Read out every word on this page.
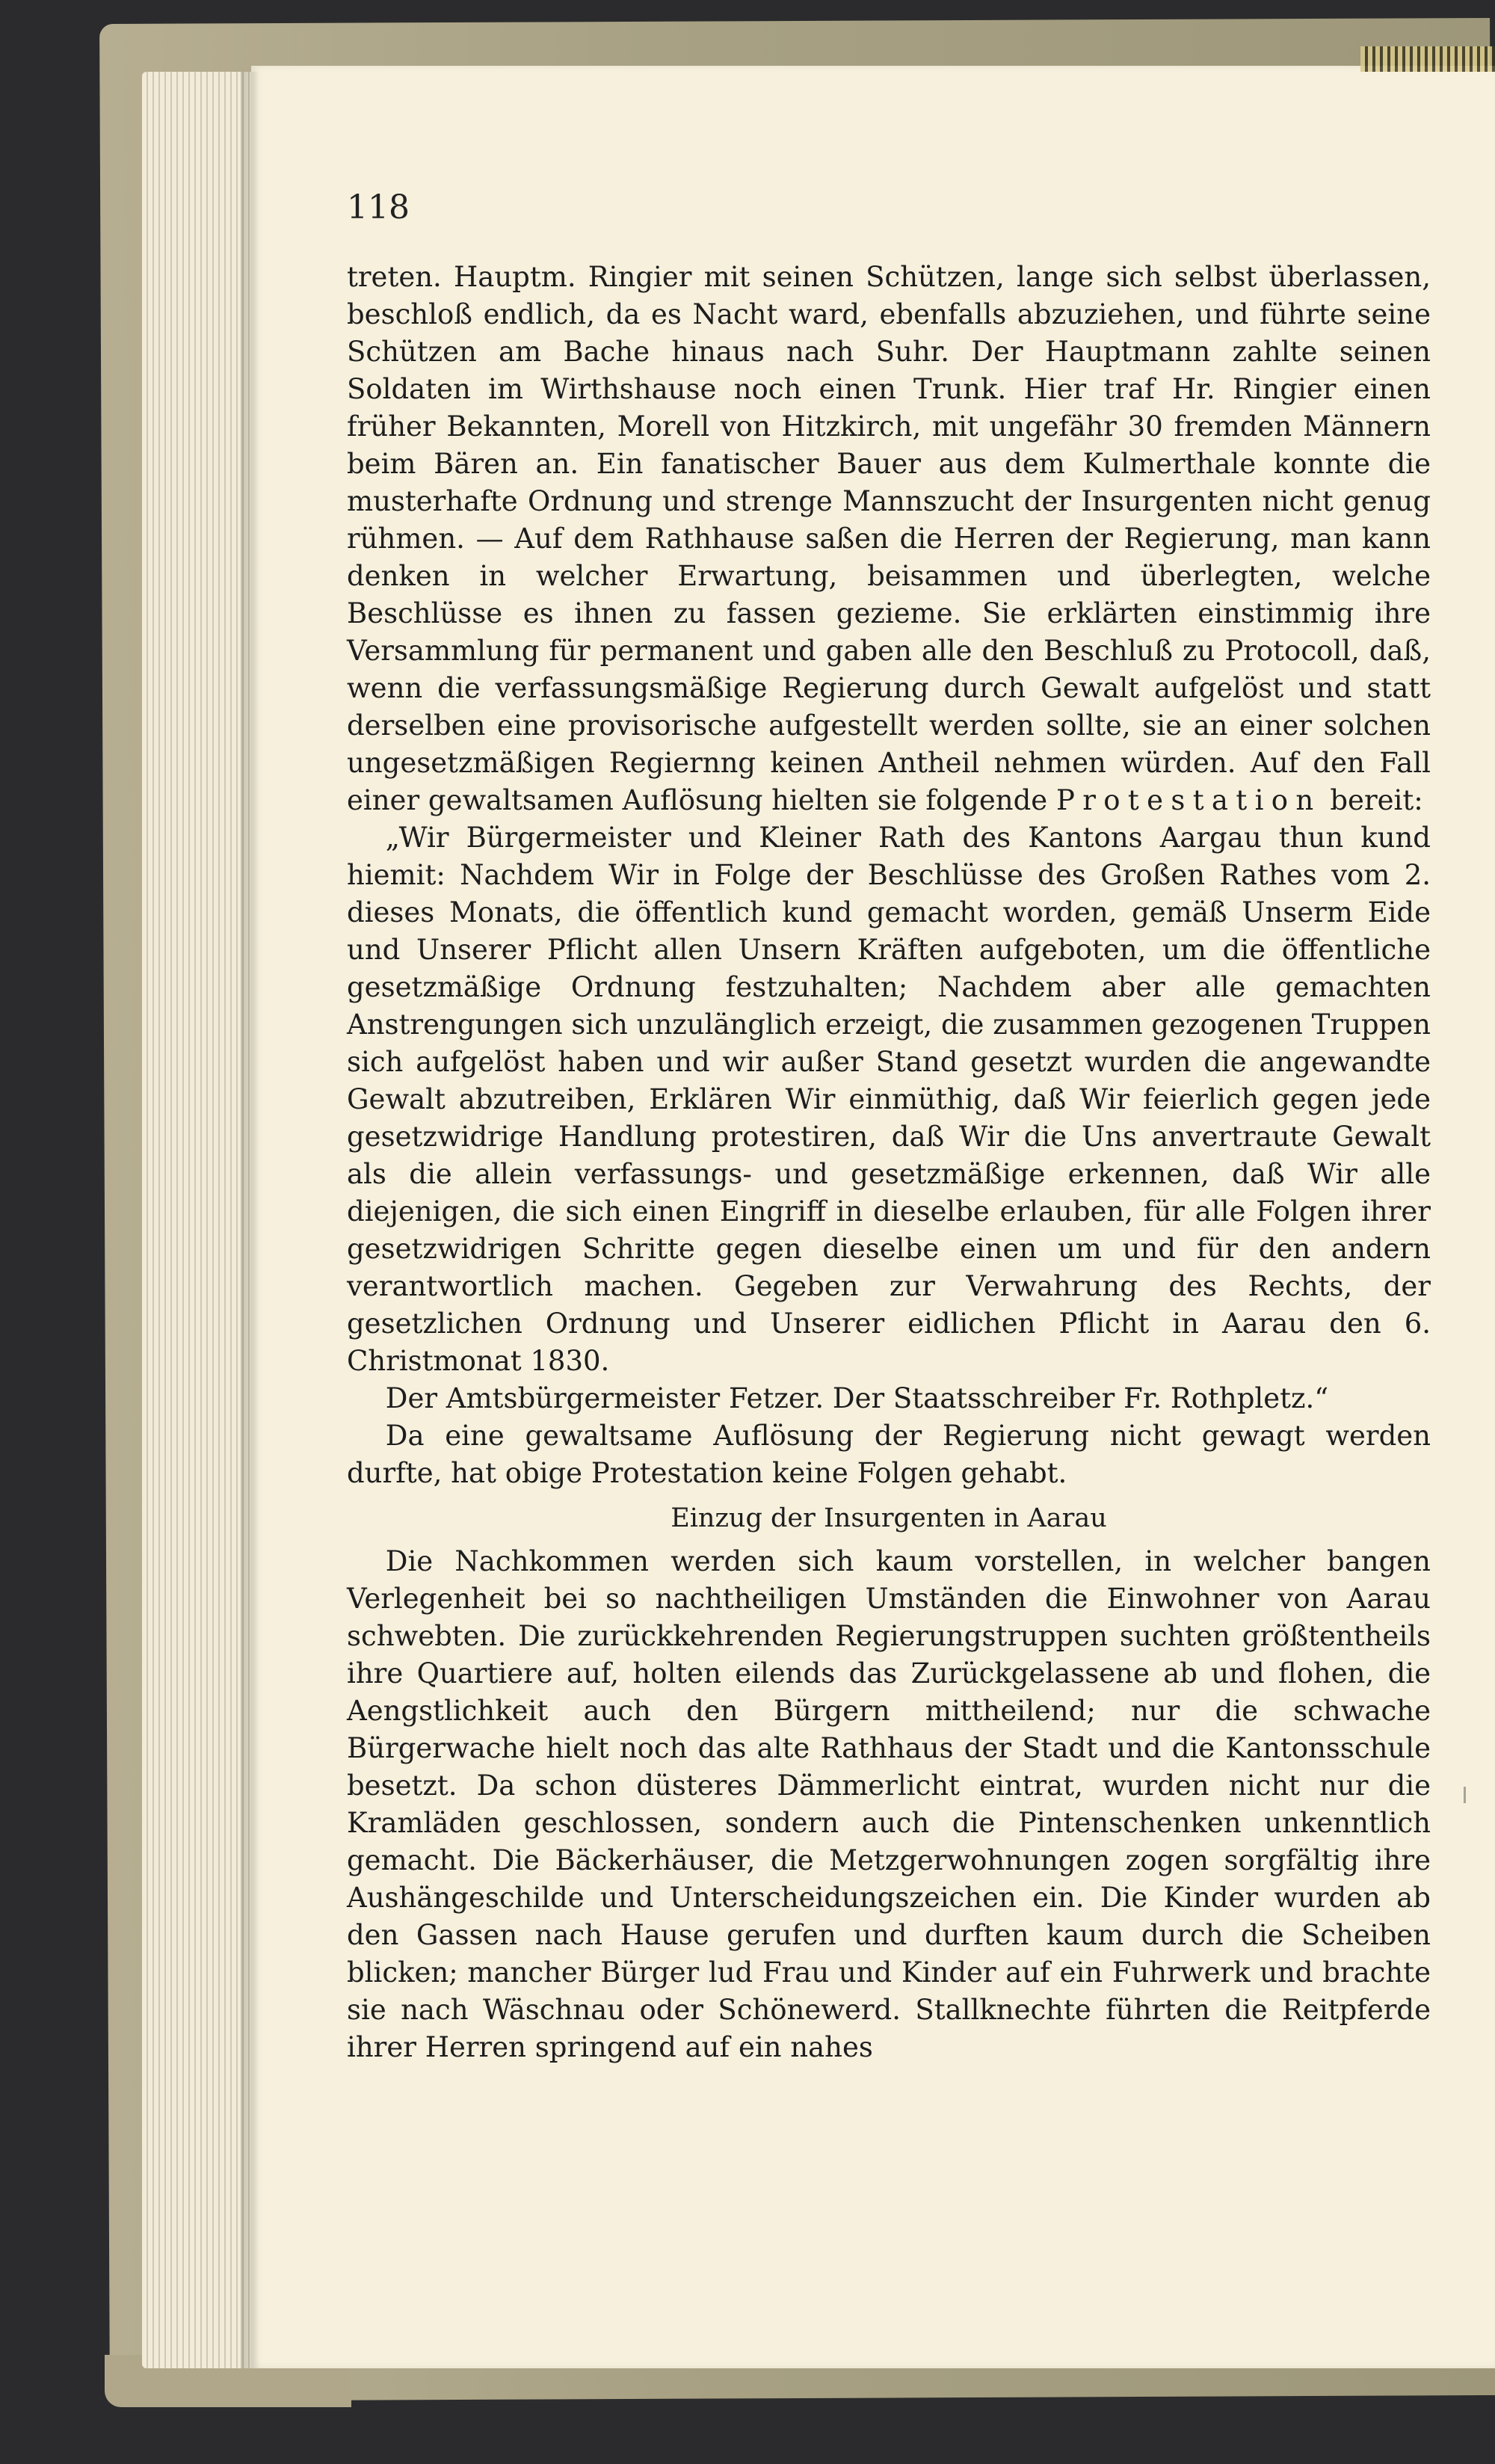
118

treten. Hauptm. Ringier mit seinen Schützen, lange sich selbst überlassen, beschloß endlich, da es Nacht ward, ebenfalls abzuziehen, und führte seine Schützen am Bache hinaus nach Suhr. Der Hauptmann zahlte seinen Soldaten im Wirthshause noch einen Trunk. Hier traf Hr. Ringier einen früher Bekannten, Morell von Hitzkirch, mit ungefähr 30 fremden Männern beim Bären an. Ein fanatischer Bauer aus dem Kulmerthale konnte die musterhafte Ordnung und strenge Mannszucht der Insurgenten nicht genug rühmen. — Auf dem Rathhause saßen die Herren der Regierung, man kann denken in welcher Erwartung, beisammen und überlegten, welche Beschlüsse es ihnen zu fassen gezieme. Sie erklärten einstimmig ihre Versammlung für permanent und gaben alle den Beschluß zu Protocoll, daß, wenn die verfassungsmäßige Regierung durch Gewalt aufgelöst und statt derselben eine provisorische aufgestellt werden sollte, sie an einer solchen ungesetzmäßigen Regiernng keinen Antheil nehmen würden. Auf den Fall einer gewaltsamen Auflösung hielten sie folgende Protestation bereit:

„Wir Bürgermeister und Kleiner Rath des Kantons Aargau thun kund hiemit: Nachdem Wir in Folge der Beschlüsse des Großen Rathes vom 2. dieses Monats, die öffentlich kund gemacht worden, gemäß Unserm Eide und Unserer Pflicht allen Unsern Kräften aufgeboten, um die öffentliche gesetzmäßige Ordnung festzuhalten; Nachdem aber alle gemachten Anstrengungen sich unzulänglich erzeigt, die zusammen gezogenen Truppen sich aufgelöst haben und wir außer Stand gesetzt wurden die angewandte Gewalt abzutreiben, Erklären Wir einmüthig, daß Wir feierlich gegen jede gesetzwidrige Handlung protestiren, daß Wir die Uns anvertraute Gewalt als die allein verfassungs- und gesetzmäßige erkennen, daß Wir alle diejenigen, die sich einen Eingriff in dieselbe erlauben, für alle Folgen ihrer gesetzwidrigen Schritte gegen dieselbe einen um und für den andern verantwortlich machen. Gegeben zur Verwahrung des Rechts, der gesetzlichen Ordnung und Unserer eidlichen Pflicht in Aarau den 6. Christmonat 1830.

Der Amtsbürgermeister Fetzer. Der Staatsschreiber Fr. Rothpletz.“

Da eine gewaltsame Auflösung der Regierung nicht gewagt werden durfte, hat obige Protestation keine Folgen gehabt.

Einzug der Insurgenten in Aarau

Die Nachkommen werden sich kaum vorstellen, in welcher bangen Verlegenheit bei so nachtheiligen Umständen die Einwohner von Aarau schwebten. Die zurückkehrenden Regierungstruppen suchten größtentheils ihre Quartiere auf, holten eilends das Zurückgelassene ab und flohen, die Aengstlichkeit auch den Bürgern mittheilend; nur die schwache Bürgerwache hielt noch das alte Rathhaus der Stadt und die Kantonsschule besetzt. Da schon düsteres Dämmerlicht eintrat, wurden nicht nur die Kramläden geschlossen, sondern auch die Pintenschenken unkenntlich gemacht. Die Bäckerhäuser, die Metzgerwohnungen zogen sorgfältig ihre Aushängeschilde und Unterscheidungszeichen ein. Die Kinder wurden ab den Gassen nach Hause gerufen und durften kaum durch die Scheiben blicken; mancher Bürger lud Frau und Kinder auf ein Fuhrwerk und brachte sie nach Wäschnau oder Schönewerd. Stallknechte führten die Reitpferde ihrer Herren springend auf ein nahes
